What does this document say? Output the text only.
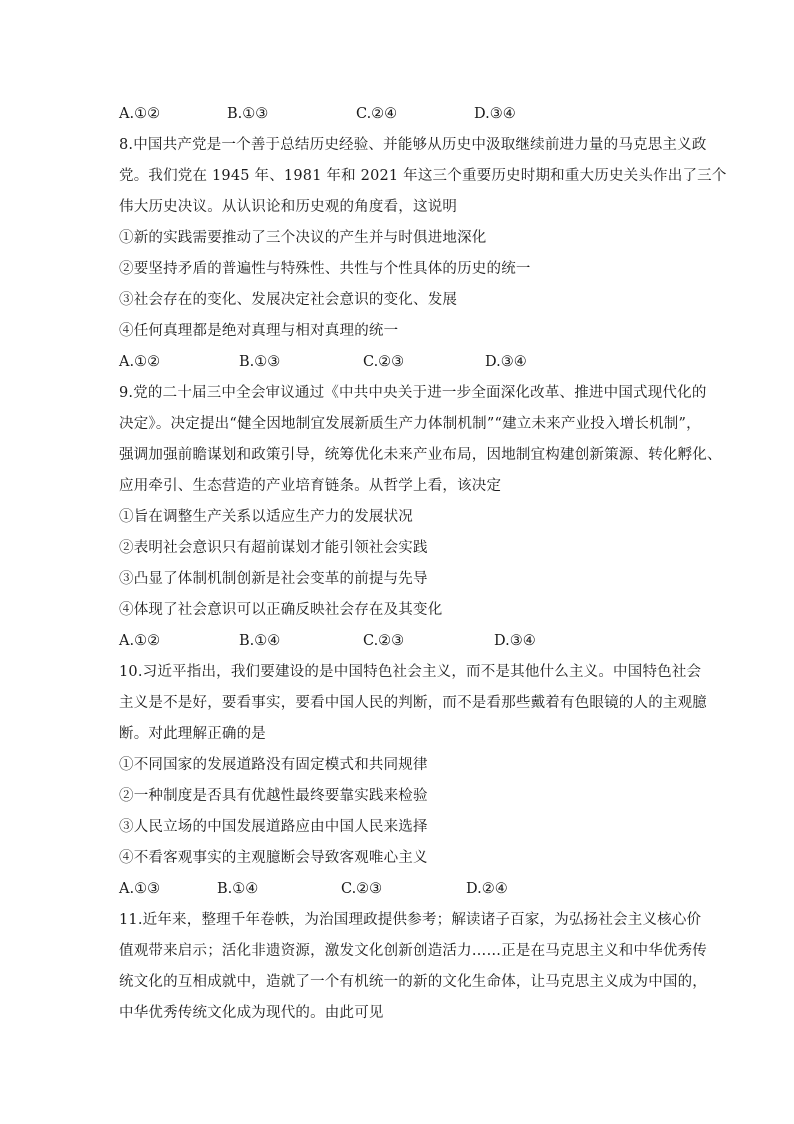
A.①②	B.①③	C.②④	D.③④
8.中国共产党是一个善于总结历史经验、并能够从历史中汲取继续前进力量的马克思主义政
党。我们党在 1945 年、1981 年和 2021 年这三个重要历史时期和重大历史关头作出了三个
伟大历史决议。从认识论和历史观的角度看，这说明
①新的实践需要推动了三个决议的产生并与时俱进地深化
②要坚持矛盾的普遍性与特殊性、共性与个性具体的历史的统一
③社会存在的变化、发展决定社会意识的变化、发展
④任何真理都是绝对真理与相对真理的统一
A.①②	B.①③	C.②③	D.③④
9.党的二十届三中全会审议通过《中共中央关于进一步全面深化改革、推进中国式现代化的
决定》。决定提出“健全因地制宜发展新质生产力体制机制”“建立未来产业投入增长机制”，
强调加强前瞻谋划和政策引导，统筹优化未来产业布局，因地制宜构建创新策源、转化孵化、
应用牵引、生态营造的产业培育链条。从哲学上看，该决定
①旨在调整生产关系以适应生产力的发展状况
②表明社会意识只有超前谋划才能引领社会实践
③凸显了体制机制创新是社会变革的前提与先导
④体现了社会意识可以正确反映社会存在及其变化
A.①②	B.①④	C.②③	D.③④
10.习近平指出，我们要建设的是中国特色社会主义，而不是其他什么主义。中国特色社会
主义是不是好，要看事实，要看中国人民的判断，而不是看那些戴着有色眼镜的人的主观臆
断。对此理解正确的是
①不同国家的发展道路没有固定模式和共同规律
②一种制度是否具有优越性最终要靠实践来检验
③人民立场的中国发展道路应由中国人民来选择
④不看客观事实的主观臆断会导致客观唯心主义
A.①③	B.①④	C.②③	D.②④
11.近年来，整理千年卷帙，为治国理政提供参考；解读诸子百家，为弘扬社会主义核心价
值观带来启示；活化非遗资源，激发文化创新创造活力……正是在马克思主义和中华优秀传
统文化的互相成就中，造就了一个有机统一的新的文化生命体，让马克思主义成为中国的，
中华优秀传统文化成为现代的。由此可见
